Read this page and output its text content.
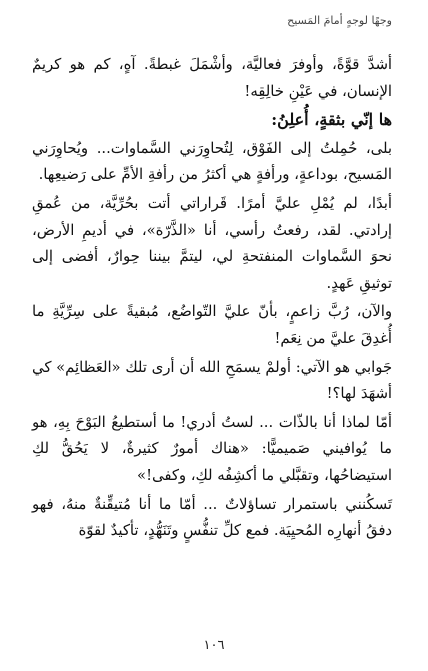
وجهًا لوجهٍ أمامَ المَسيح

أشدَّ قوَّةً، وأوفرَ فعاليَّة، وأشْمَلَ غبطةً. آهٍ، كم هو كريمٌ الإنسان، في عَيْنِ خالِقِه!

ها إنّي بثقةٍ، أُعلِنُ:

بلى، حُمِلتُ إلى الفَوْق، لِتُحاوِرَني السَّماوات... ويُحاوِرَني المَسيح، بوداعةٍ، ورأفةٍ هي أكثرُ من رأفةِ الأمِّ على رَضيعِها.

أبدًا، لم يُمْلِ عليَّ أمرًا. قَراراتي أتت بحُرِّيَّة، من عُمقِ إرادتي. لقد، رفعتُ رأسي، أنا «الذَّرّة»، في أديمِ الأرض، نحوَ السَّماوات المنفتحةِ لي، ليتمَّ بيننا حِوارٌ، أفضى إلى توثيقِ عَهدٍ.

والآن، رُبَّ زاعمٍ، بأنّ عليَّ التّواضُع، مُبقيةً على سِرِّيَّةِ ما أُغدِقَ عليَّ من نِعَم!

جَوابي هو الآتي: أولمْ يسمَحِ الله أن أرى تلك «العَظائِم» كي أشهَدَ لها؟!

أمّا لماذا أنا بالذّات ... لستُ أدري! ما أستطيعُ البَوْحَ بِهِ، هو ما يُوافيني صَميميًّا: «هناك أمورٌ كثيرةٌ، لا يَحُقُّ لكِ استيضاحُها، وتقبَّلي ما أكشِفُه لكِ، وكفى!»

تَسكُنني باستمرار تساؤلاتٌ ... أمّا ما أنا مُتيقِّنةٌ منهُ، فهو دفقُ أنهارِه المُحيِيَة. فمع كلِّ تنفُّسٍ وتَنَهُّدٍ، تأكيدٌ لقوّة

١٠٦
